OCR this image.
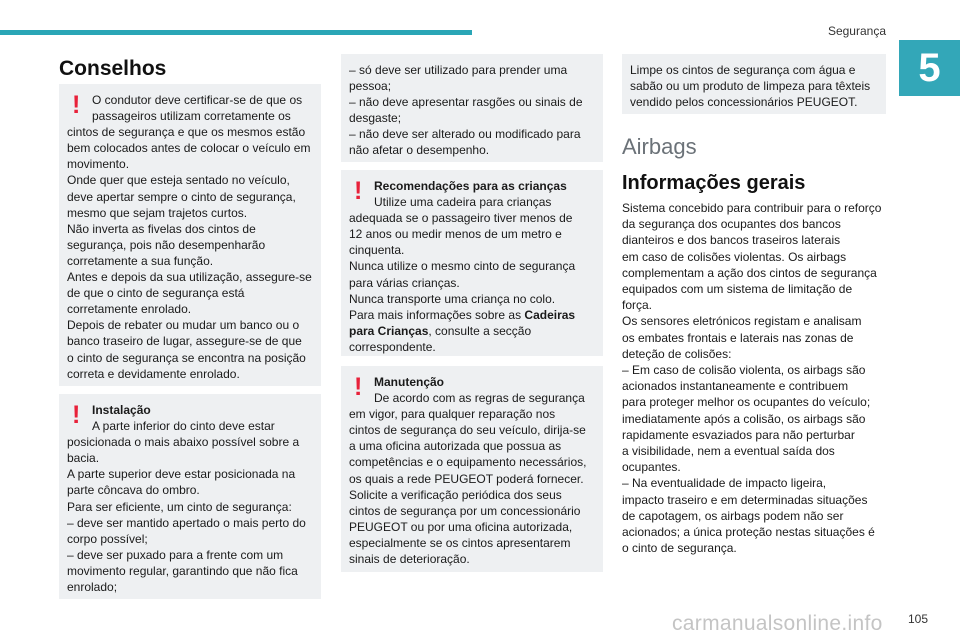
Segurança
5
Conselhos
! O condutor deve certificar-se de que os

passageiros utilizam corretamente os

cintos de segurança e que os mesmos estão

bem colocados antes de colocar o veículo em

movimento.

Onde quer que esteja sentado no veículo,

deve apertar sempre o cinto de segurança,

mesmo que sejam trajetos curtos.

Não inverta as fivelas dos cintos de

segurança, pois não desempenharão

corretamente a sua função.

Antes e depois da sua utilização, assegure-se

de que o cinto de segurança está

corretamente enrolado.

Depois de rebater ou mudar um banco ou o

banco traseiro de lugar, assegure-se de que

o cinto de segurança se encontra na posição

correta e devidamente enrolado.

! Instalação

A parte inferior do cinto deve estar

posicionada o mais abaixo possível sobre a

bacia.

A parte superior deve estar posicionada na

parte côncava do ombro.

Para ser eficiente, um cinto de segurança:

– deve ser mantido apertado o mais perto do

corpo possível;

– deve ser puxado para a frente com um

movimento regular, garantindo que não fica

enrolado;

– só deve ser utilizado para prender uma

pessoa;

– não deve apresentar rasgões ou sinais de

desgaste;

– não deve ser alterado ou modificado para

não afetar o desempenho.

! Recomendações para as crianças

Utilize uma cadeira para crianças

adequada se o passageiro tiver menos de

12 anos ou medir menos de um metro e

cinquenta.

Nunca utilize o mesmo cinto de segurança

para várias crianças.

Nunca transporte uma criança no colo.

Para mais informações sobre as Cadeiras

para Crianças, consulte a secção

correspondente.

! Manutenção

De acordo com as regras de segurança

em vigor, para qualquer reparação nos

cintos de segurança do seu veículo, dirija-se

a uma oficina autorizada que possua as

competências e o equipamento necessários,

os quais a rede PEUGEOT poderá fornecer.

Solicite a verificação periódica dos seus

cintos de segurança por um concessionário

PEUGEOT ou por uma oficina autorizada,

especialmente se os cintos apresentarem

sinais de deterioração.

Limpe os cintos de segurança com água e

sabão ou um produto de limpeza para têxteis

vendido pelos concessionários PEUGEOT.

Airbags
Informações gerais

Sistema concebido para contribuir para o reforço

da segurança dos ocupantes dos bancos

dianteiros e dos bancos traseiros laterais

em caso de colisões violentas. Os airbags

complementam a ação dos cintos de segurança

equipados com um sistema de limitação de

força.

Os sensores eletrónicos registam e analisam

os embates frontais e laterais nas zonas de

deteção de colisões:

– Em caso de colisão violenta, os airbags são

acionados instantaneamente e contribuem

para proteger melhor os ocupantes do veículo;

imediatamente após a colisão, os airbags são

rapidamente esvaziados para não perturbar

a visibilidade, nem a eventual saída dos

ocupantes.

– Na eventualidade de impacto ligeira,

impacto traseiro e em determinadas situações

de capotagem, os airbags podem não ser

acionados; a única proteção nestas situações é

o cinto de segurança.

105
carmanualsonline.info
